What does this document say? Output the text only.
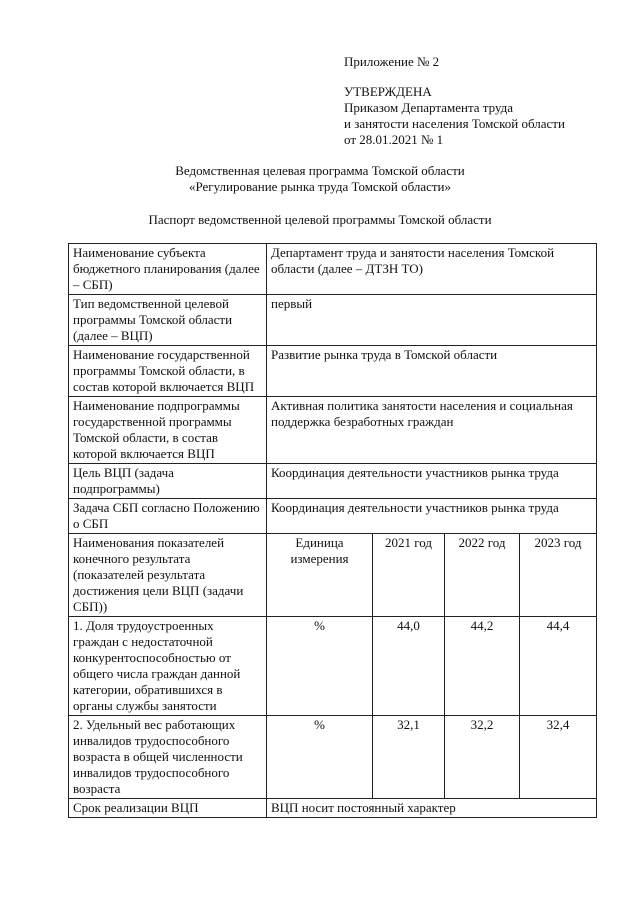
Приложение № 2
УТВЕРЖДЕНА
Приказом Департамента труда
и занятости населения Томской области
от 28.01.2021 № 1
Ведомственная целевая программа Томской области
«Регулирование рынка труда Томской области»
Паспорт ведомственной целевой программы Томской области
Наименование субъекта бюджетного планирования (далее – СБП)	Департамент труда и занятости населения Томской области (далее – ДТЗН ТО)			
Тип ведомственной целевой программы Томской области (далее – ВЦП)	первый			
Наименование государственной программы Томской области, в состав которой включается ВЦП	Развитие рынка труда в Томской области			
Наименование подпрограммы государственной программы Томской области, в состав которой включается ВЦП	Активная политика занятости населения и социальная поддержка безработных граждан			
Цель ВЦП (задача подпрограммы)	Координация деятельности участников рынка труда			
Задача СБП согласно Положению о СБП	Координация деятельности участников рынка труда			
Наименования показателей конечного результата (показателей результата достижения цели ВЦП (задачи СБП))	Единица измерения	2021 год	2022 год	2023 год
1. Доля трудоустроенных граждан с недостаточной конкурентоспособностью от общего числа граждан данной категории, обратившихся в органы службы занятости	%	44,0	44,2	44,4
2. Удельный вес работающих инвалидов трудоспособного возраста в общей численности инвалидов трудоспособного возраста	%	32,1	32,2	32,4
Срок реализации ВЦП	ВЦП носит постоянный характер			
